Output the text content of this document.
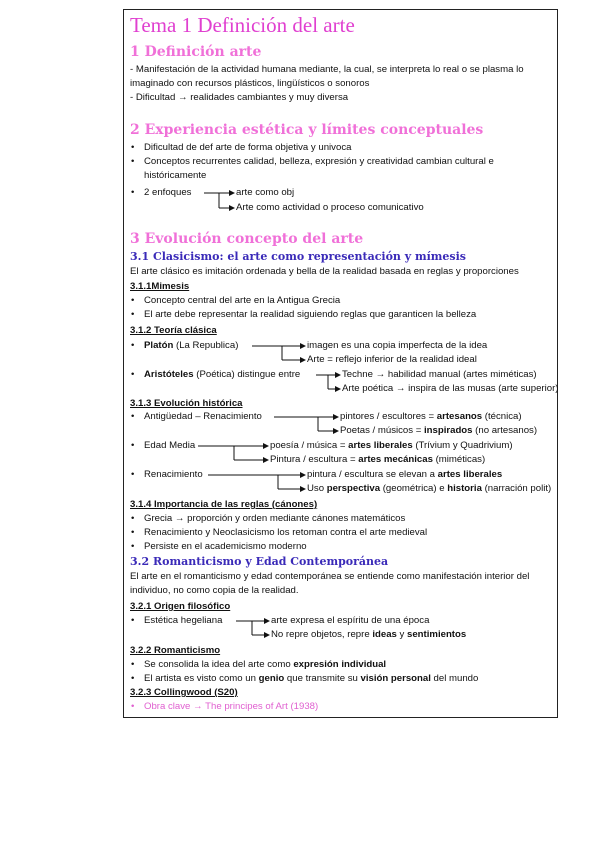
Tema 1 Definición del arte
1 Definición arte
- Manifestación de la actividad humana mediante, la cual, se interpreta lo real o se plasma lo
imaginado con recursos plásticos, lingüísticos o sonoros
- Dificultad → realidades cambiantes y muy diversa
2 Experiencia estética y límites conceptuales
• Dificultad de def arte de forma objetiva y univoca
• Conceptos recurrentes calidad, belleza, expresión y creatividad cambian cultural e
históricamente
• 2 enfoques	arte como obj
Arte como actividad o proceso comunicativo
3 Evolución concepto del arte
3.1 Clasicismo: el arte como representación y mímesis
El arte clásico es imitación ordenada y bella de la realidad basada en reglas y proporciones
3.1.1Mimesis
• Concepto central del arte en la Antigua Grecia
• El arte debe representar la realidad siguiendo reglas que garanticen la belleza
3.1.2 Teoría clásica
• Platón (La Republica)	imagen es una copia imperfecta de la idea
Arte = reflejo inferior de la realidad ideal
• Aristóteles (Poética) distingue entre	Techne → habilidad manual (artes miméticas)
Arte poética → inspira de las musas (arte superior)
3.1.3 Evolución histórica
• Antigüedad – Renacimiento	pintores / escultores = artesanos (técnica)
Poetas / músicos = inspirados (no artesanos)
• Edad Media	poesía / música = artes liberales (Trívium y Quadrivium)
Pintura / escultura = artes mecánicas (miméticas)
• Renacimiento	pintura / escultura se elevan a artes liberales
Uso perspectiva (geométrica) e historia (narración polit)
3.1.4 Importancia de las reglas (cánones)
• Grecia → proporción y orden mediante cánones matemáticos
• Renacimiento y Neoclasicismo los retoman contra el arte medieval
• Persiste en el academicismo moderno
3.2 Romanticismo y Edad Contemporánea
El arte en el romanticismo y edad contemporánea se entiende como manifestación interior del
individuo, no como copia de la realidad.
3.2.1 Origen filosófico
• Estética hegeliana	arte expresa el espíritu de una época
No repre objetos, repre ideas y sentimientos
3.2.2 Romanticismo
• Se consolida la idea del arte como expresión individual
• El artista es visto como un genio que transmite su visión personal del mundo
3.2.3 Collingwood (S20)
• Obra clave → The principes of Art (1938)
